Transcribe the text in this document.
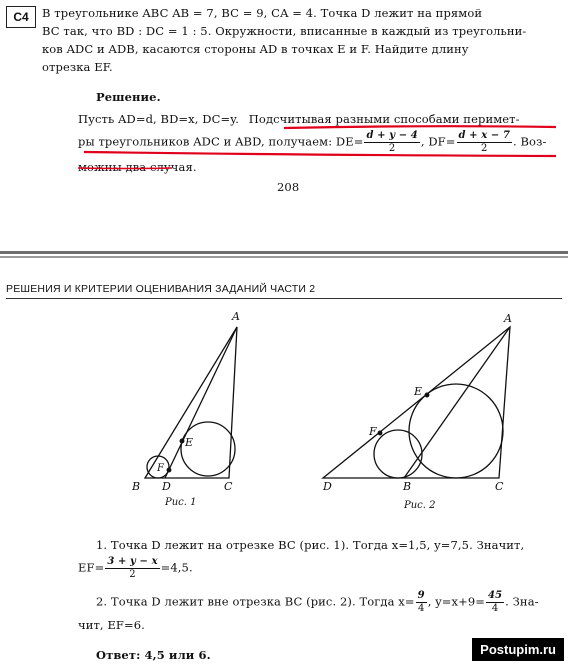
C4	В треугольнике ABC AB = 7, BC = 9, CA = 4. Точка D лежит на прямой
BC так, что BD : DC = 1 : 5. Окружности, вписанные в каждый из треугольни-
ков ADC и ADB, касаются стороны AD в точках E и F. Найдите длину
отрезка EF.
Решение.
Пусть AD=d, BD=x, DC=y. Подсчитывая разными способами перимет-
ры треугольников ADC и ABD, получаем: $DE= \frac{d + y - 4}{2}$ , $DF= \frac{d + x - 7}{2}$ . Воз-
можны два случая.
208
РЕШЕНИЯ И КРИТЕРИИ ОЦЕНИВАНИЯ ЗАДАНИЙ ЧАСТИ 2
A
B D	C
E
F
Рис. 1
A
D	B	C
E
F
Рис. 2
1. Точка D лежит на отрезке BC (рис. 1). Тогда x=1,5, y=7,5. Значит,
$EF= \frac{3 + y - x}{2} =4,5$.
2. Точка D лежит вне отрезка BC (рис. 2). Тогда $x= \frac{9}{4}$ , $y=x+9= \frac{45}{4}$ . Зна-
чит, EF=6.
Ответ: 4,5 или 6.	Postupim.ru
